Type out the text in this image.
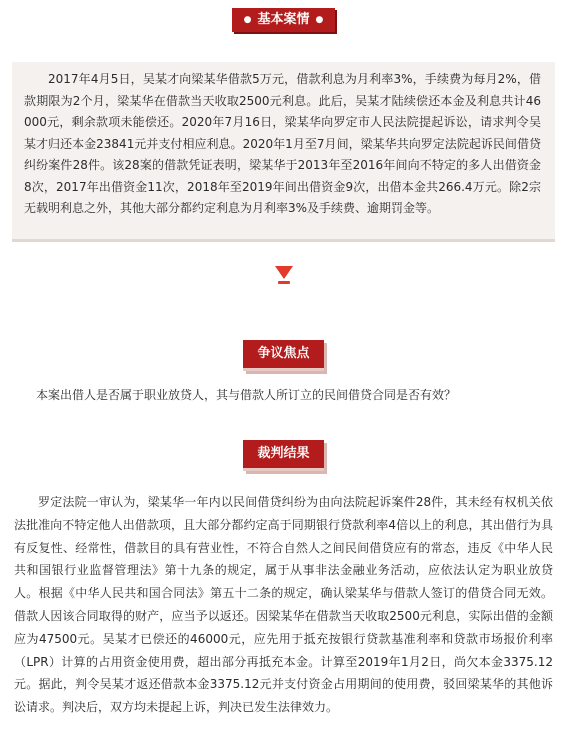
● 基本案情 ●
2017年4月5日，吴某才向梁某华借款5万元，借款利息为月利率3%，手续费为每月2%，借款期限为2个月，梁某华在借款当天收取2500元利息。此后，吴某才陆续偿还本金及利息共计46000元，剩余款项未能偿还。2020年7月16日，梁某华向罗定市人民法院提起诉讼，请求判令吴某才归还本金23841元并支付相应利息。2020年1月至7月间，梁某华共向罗定法院起诉民间借贷纠纷案件28件。该28案的借款凭证表明，梁某华于2013年至2016年间向不特定的多人出借资金8次，2017年出借资金11次，2018年至2019年间出借资金9次，出借本金共266.4万元。除2宗无载明利息之外，其他大部分都约定利息为月利率3%及手续费、逾期罚金等。
争议焦点
本案出借人是否属于职业放贷人，其与借款人所订立的民间借贷合同是否有效？
裁判结果
罗定法院一审认为，梁某华一年内以民间借贷纠纷为由向法院起诉案件28件，其未经有权机关依法批准向不特定他人出借款项，且大部分都约定高于同期银行贷款利率4倍以上的利息，其出借行为具有反复性、经常性，借款目的具有营业性，不符合自然人之间民间借贷应有的常态，违反《中华人民共和国银行业监督管理法》第十九条的规定，属于从事非法金融业务活动，应依法认定为职业放贷人。根据《中华人民共和国合同法》第五十二条的规定，确认梁某华与借款人签订的借贷合同无效。借款人因该合同取得的财产，应当予以返还。因梁某华在借款当天收取2500元利息，实际出借的金额应为47500元。吴某才已偿还的46000元，应先用于抵充按银行贷款基准利率和贷款市场报价利率（LPR）计算的占用资金使用费，超出部分再抵充本金。计算至2019年1月2日，尚欠本金3375.12元。据此，判令吴某才返还借款本金3375.12元并支付资金占用期间的使用费，驳回梁某华的其他诉讼请求。判决后，双方均未提起上诉，判决已发生法律效力。
